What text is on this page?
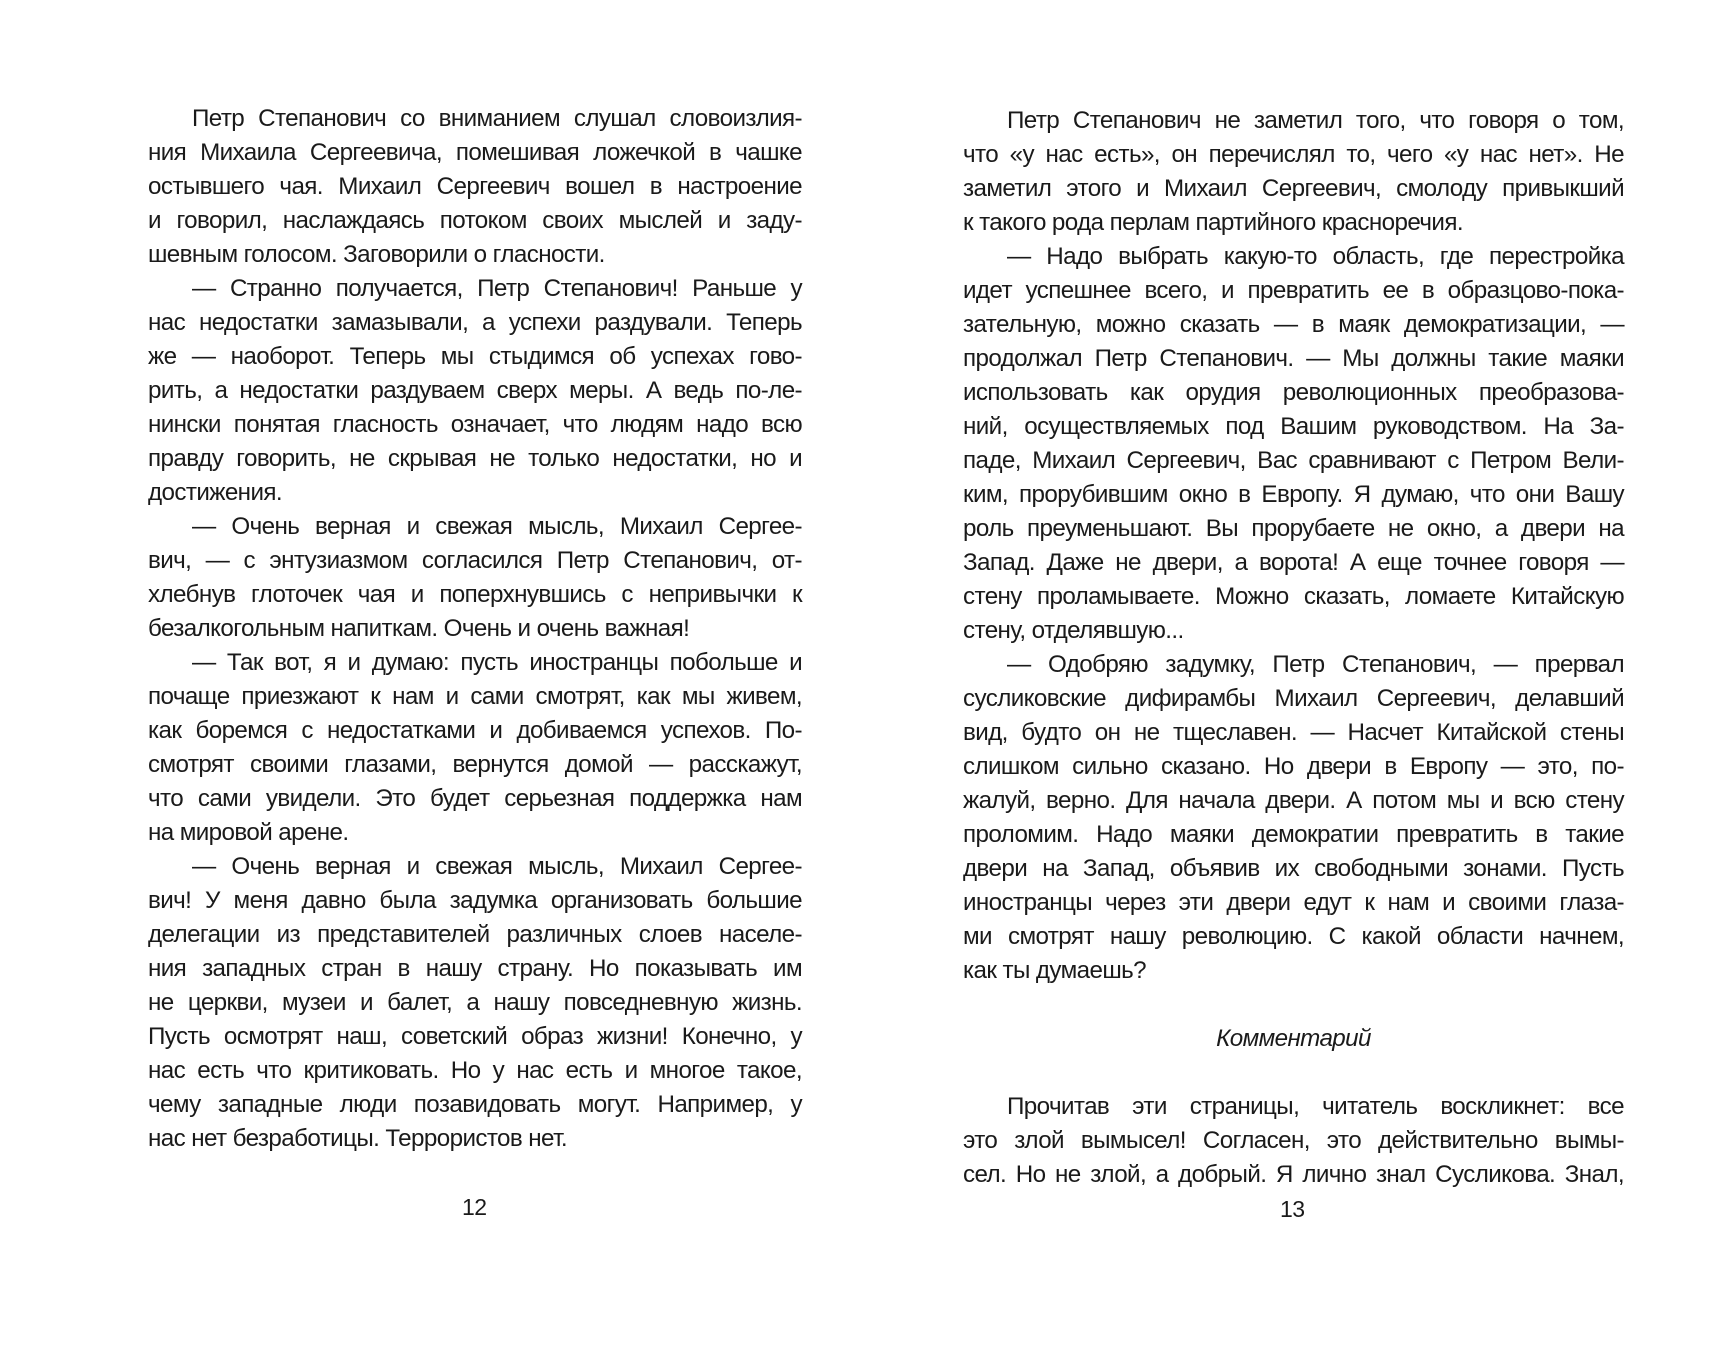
Петр Степанович со вниманием слушал словоизлия-
ния Михаила Сергеевича, помешивая ложечкой в чашке
остывшего чая. Михаил Сергеевич вошел в настроение
и говорил, наслаждаясь потоком своих мыслей и заду-
шевным голосом. Заговорили о гласности.
— Странно получается, Петр Степанович! Раньше у
нас недостатки замазывали, а успехи раздували. Теперь
же — наоборот. Теперь мы стыдимся об успехах гово-
рить, а недостатки раздуваем сверх меры. А ведь по-ле-
нински понятая гласность означает, что людям надо всю
правду говорить, не скрывая не только недостатки, но и
достижения.
— Очень верная и свежая мысль, Михаил Сергее-
вич, — с энтузиазмом согласился Петр Степанович, от-
хлебнув глоточек чая и поперхнувшись с непривычки к
безалкогольным напиткам. Очень и очень важная!
— Так вот, я и думаю: пусть иностранцы побольше и
почаще приезжают к нам и сами смотрят, как мы живем,
как боремся с недостатками и добиваемся успехов. По-
смотрят своими глазами, вернутся домой — расскажут,
что сами увидели. Это будет серьезная поддержка нам
на мировой арене.
— Очень верная и свежая мысль, Михаил Сергее-
вич! У меня давно была задумка организовать большие
делегации из представителей различных слоев населе-
ния западных стран в нашу страну. Но показывать им
не церкви, музеи и балет, а нашу повседневную жизнь.
Пусть осмотрят наш, советский образ жизни! Конечно, у
нас есть что критиковать. Но у нас есть и многое такое,
чему западные люди позавидовать могут. Например, у
нас нет безработицы. Террористов нет.
12
Петр Степанович не заметил того, что говоря о том,
что «у нас есть», он перечислял то, чего «у нас нет». Не
заметил этого и Михаил Сергеевич, смолоду привыкший
к такого рода перлам партийного красноречия.
— Надо выбрать какую-то область, где перестройка
идет успешнее всего, и превратить ее в образцово-пока-
зательную, можно сказать — в маяк демократизации, —
продолжал Петр Степанович. — Мы должны такие маяки
использовать как орудия революционных преобразова-
ний, осуществляемых под Вашим руководством. На За-
паде, Михаил Сергеевич, Вас сравнивают с Петром Вели-
ким, прорубившим окно в Европу. Я думаю, что они Вашу
роль преуменьшают. Вы прорубаете не окно, а двери на
Запад. Даже не двери, а ворота! А еще точнее говоря —
стену проламываете. Можно сказать, ломаете Китайскую
стену, отделявшую...
— Одобряю задумку, Петр Степанович, — прервал
сусликовские дифирамбы Михаил Сергеевич, делавший
вид, будто он не тщеславен. — Насчет Китайской стены
слишком сильно сказано. Но двери в Европу — это, по-
жалуй, верно. Для начала двери. А потом мы и всю стену
проломим. Надо маяки демократии превратить в такие
двери на Запад, объявив их свободными зонами. Пусть
иностранцы через эти двери едут к нам и своими глаза-
ми смотрят нашу революцию. С какой области начнем,
как ты думаешь?
Комментарий
Прочитав эти страницы, читатель воскликнет: все
это злой вымысел! Согласен, это действительно вымы-
сел. Но не злой, а добрый. Я лично знал Сусликова. Знал,
13
